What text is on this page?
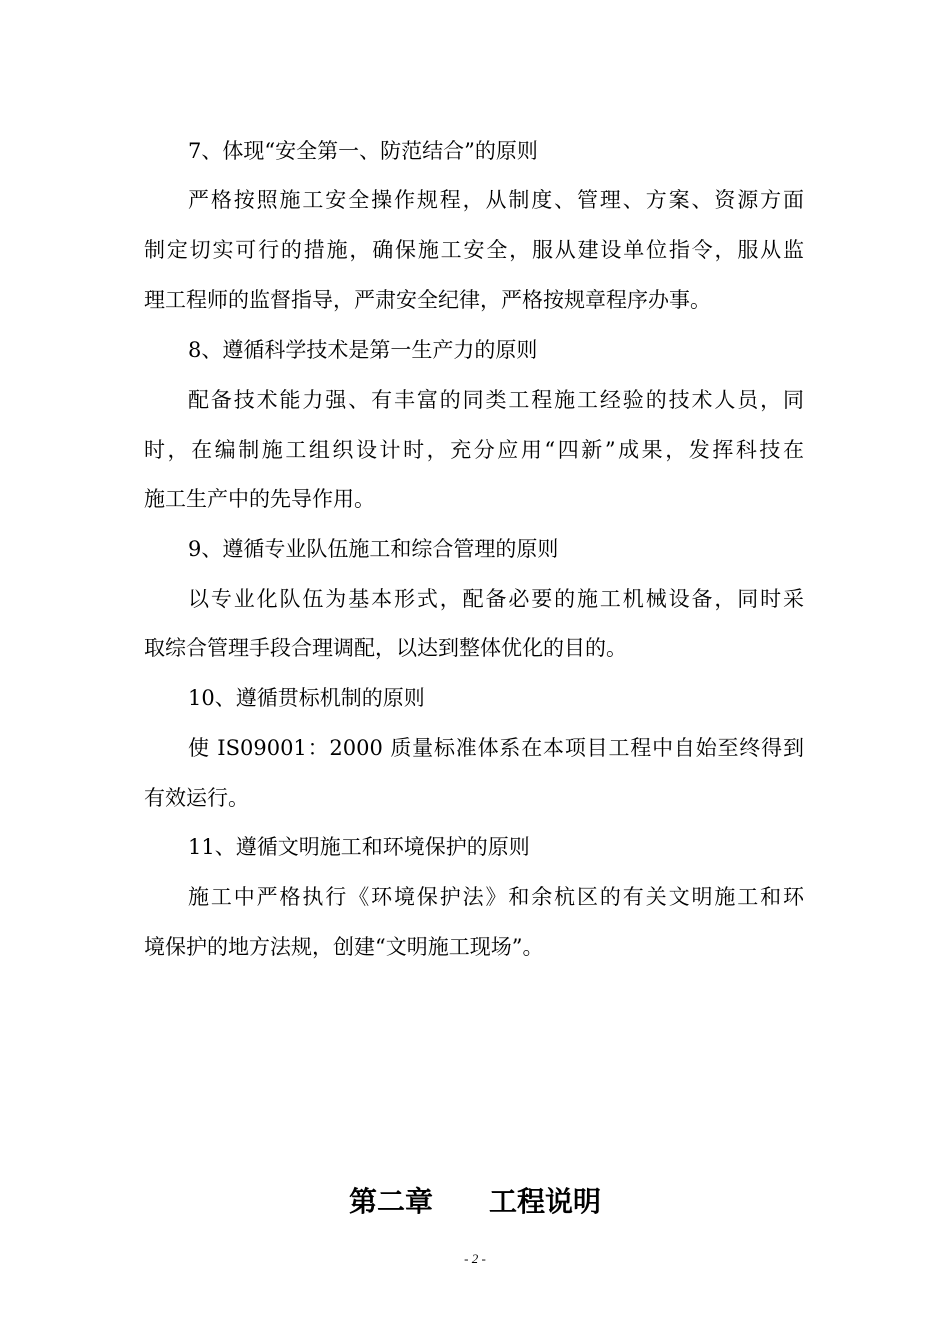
7、体现“安全第一、防范结合”的原则
严格按照施工安全操作规程，从制度、管理、方案、资源方面
制定切实可行的措施，确保施工安全，服从建设单位指令，服从监
理工程师的监督指导，严肃安全纪律，严格按规章程序办事。
8、遵循科学技术是第一生产力的原则
配备技术能力强、有丰富的同类工程施工经验的技术人员，同
时，在编制施工组织设计时，充分应用“四新”成果，发挥科技在
施工生产中的先导作用。
9、遵循专业队伍施工和综合管理的原则
以专业化队伍为基本形式，配备必要的施工机械设备，同时采
取综合管理手段合理调配，以达到整体优化的目的。
10、遵循贯标机制的原则
使 IS09001：2000 质量标准体系在本项目工程中自始至终得到
有效运行。
11、遵循文明施工和环境保护的原则
施工中严格执行《环境保护法》和余杭区的有关文明施工和环
境保护的地方法规，创建“文明施工现场”。
第二章　　工程说明
- 2 -
